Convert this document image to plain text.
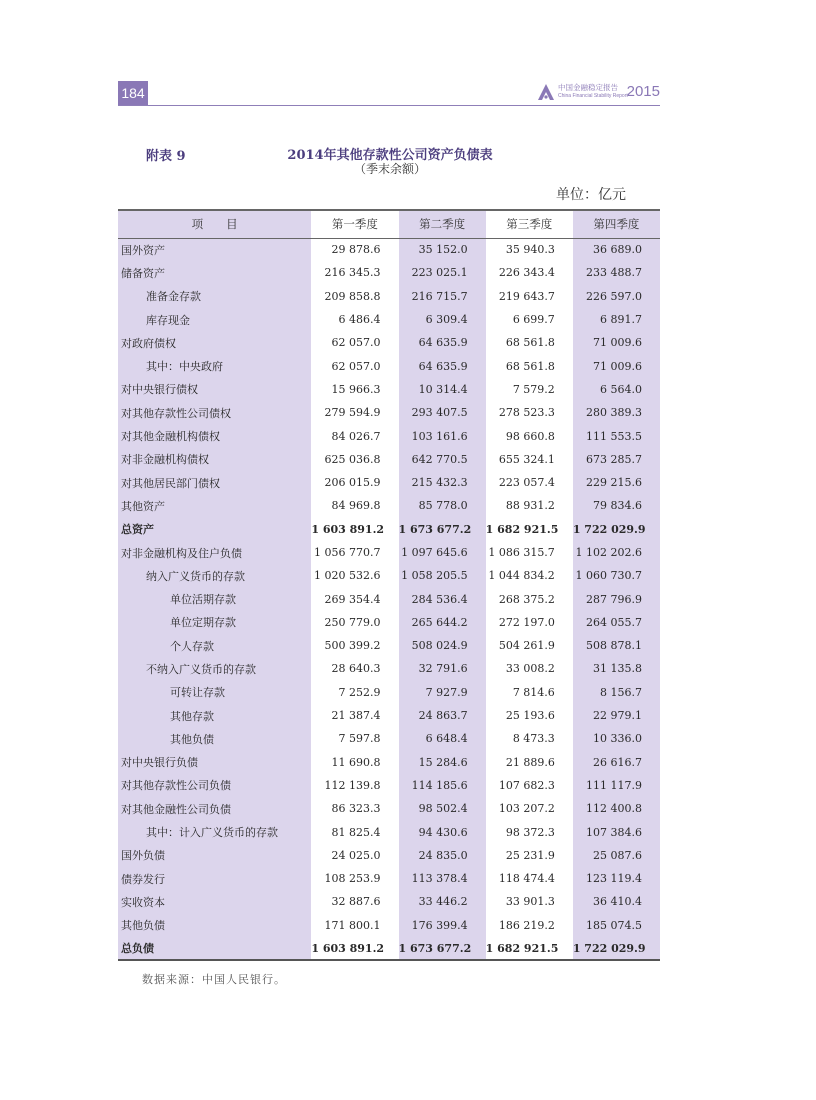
184	中国金融稳定报告
China Financial Stability Report
2015
附表 9	2014年其他存款性公司资产负债表
（季末余额）
单位：亿元
项　　目	第一季度	第二季度	第三季度	第四季度
国外资产	29 878.6	35 152.0	35 940.3	36 689.0
储备资产	216 345.3	223 025.1	226 343.4	233 488.7
准备金存款	209 858.8	216 715.7	219 643.7	226 597.0
库存现金	6 486.4	6 309.4	6 699.7	6 891.7
对政府债权	62 057.0	64 635.9	68 561.8	71 009.6
其中：中央政府	62 057.0	64 635.9	68 561.8	71 009.6
对中央银行债权	15 966.3	10 314.4	7 579.2	6 564.0
对其他存款性公司债权	279 594.9	293 407.5	278 523.3	280 389.3
对其他金融机构债权	84 026.7	103 161.6	98 660.8	111 553.5
对非金融机构债权	625 036.8	642 770.5	655 324.1	673 285.7
对其他居民部门债权	206 015.9	215 432.3	223 057.4	229 215.6
其他资产	84 969.8	85 778.0	88 931.2	79 834.6
总资产	1 603 891.2	1 673 677.2	1 682 921.5	1 722 029.9
对非金融机构及住户负债	1 056 770.7	1 097 645.6	1 086 315.7	1 102 202.6
纳入广义货币的存款	1 020 532.6	1 058 205.5	1 044 834.2	1 060 730.7
单位活期存款	269 354.4	284 536.4	268 375.2	287 796.9
单位定期存款	250 779.0	265 644.2	272 197.0	264 055.7
个人存款	500 399.2	508 024.9	504 261.9	508 878.1
不纳入广义货币的存款	28 640.3	32 791.6	33 008.2	31 135.8
可转让存款	7 252.9	7 927.9	7 814.6	8 156.7
其他存款	21 387.4	24 863.7	25 193.6	22 979.1
其他负债	7 597.8	6 648.4	8 473.3	10 336.0
对中央银行负债	11 690.8	15 284.6	21 889.6	26 616.7
对其他存款性公司负债	112 139.8	114 185.6	107 682.3	111 117.9
对其他金融性公司负债	86 323.3	98 502.4	103 207.2	112 400.8
其中：计入广义货币的存款	81 825.4	94 430.6	98 372.3	107 384.6
国外负债	24 025.0	24 835.0	25 231.9	25 087.6
债券发行	108 253.9	113 378.4	118 474.4	123 119.4
实收资本	32 887.6	33 446.2	33 901.3	36 410.4
其他负债	171 800.1	176 399.4	186 219.2	185 074.5
总负债	1 603 891.2	1 673 677.2	1 682 921.5	1 722 029.9
数据来源：中国人民银行。
